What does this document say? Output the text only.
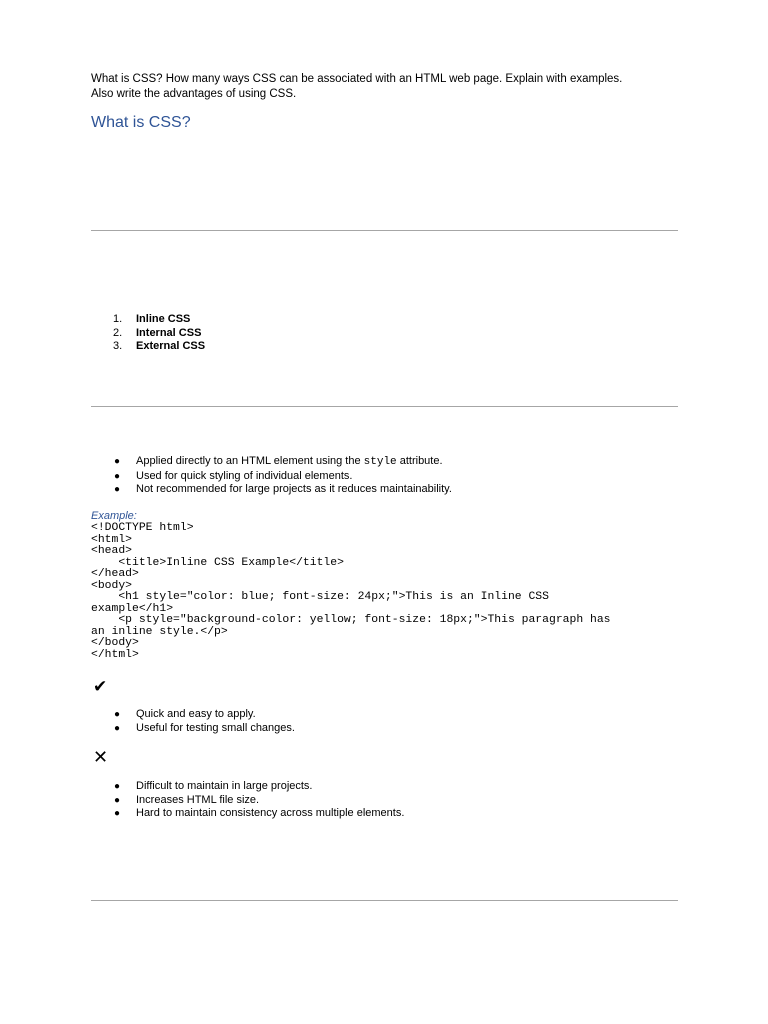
What is CSS? How many ways CSS can be associated with an HTML web page. Explain with examples.
Also write the advantages of using CSS.
What is CSS?
1. Inline CSS
2. Internal CSS
3. External CSS
● Applied directly to an HTML element using the style attribute.
● Used for quick styling of individual elements.
● Not recommended for large projects as it reduces maintainability.
Example:
<!DOCTYPE html>
<html>
<head>
<title>Inline CSS Example</title>
</head>
<body>
<h1 style="color: blue; font-size: 24px;">This is an Inline CSS
example</h1>
<p style="background-color: yellow; font-size: 18px;">This paragraph has
an inline style.</p>
</body>
</html>
✔
● Quick and easy to apply.
● Useful for testing small changes.
✕
● Difficult to maintain in large projects.
● Increases HTML file size.
● Hard to maintain consistency across multiple elements.
